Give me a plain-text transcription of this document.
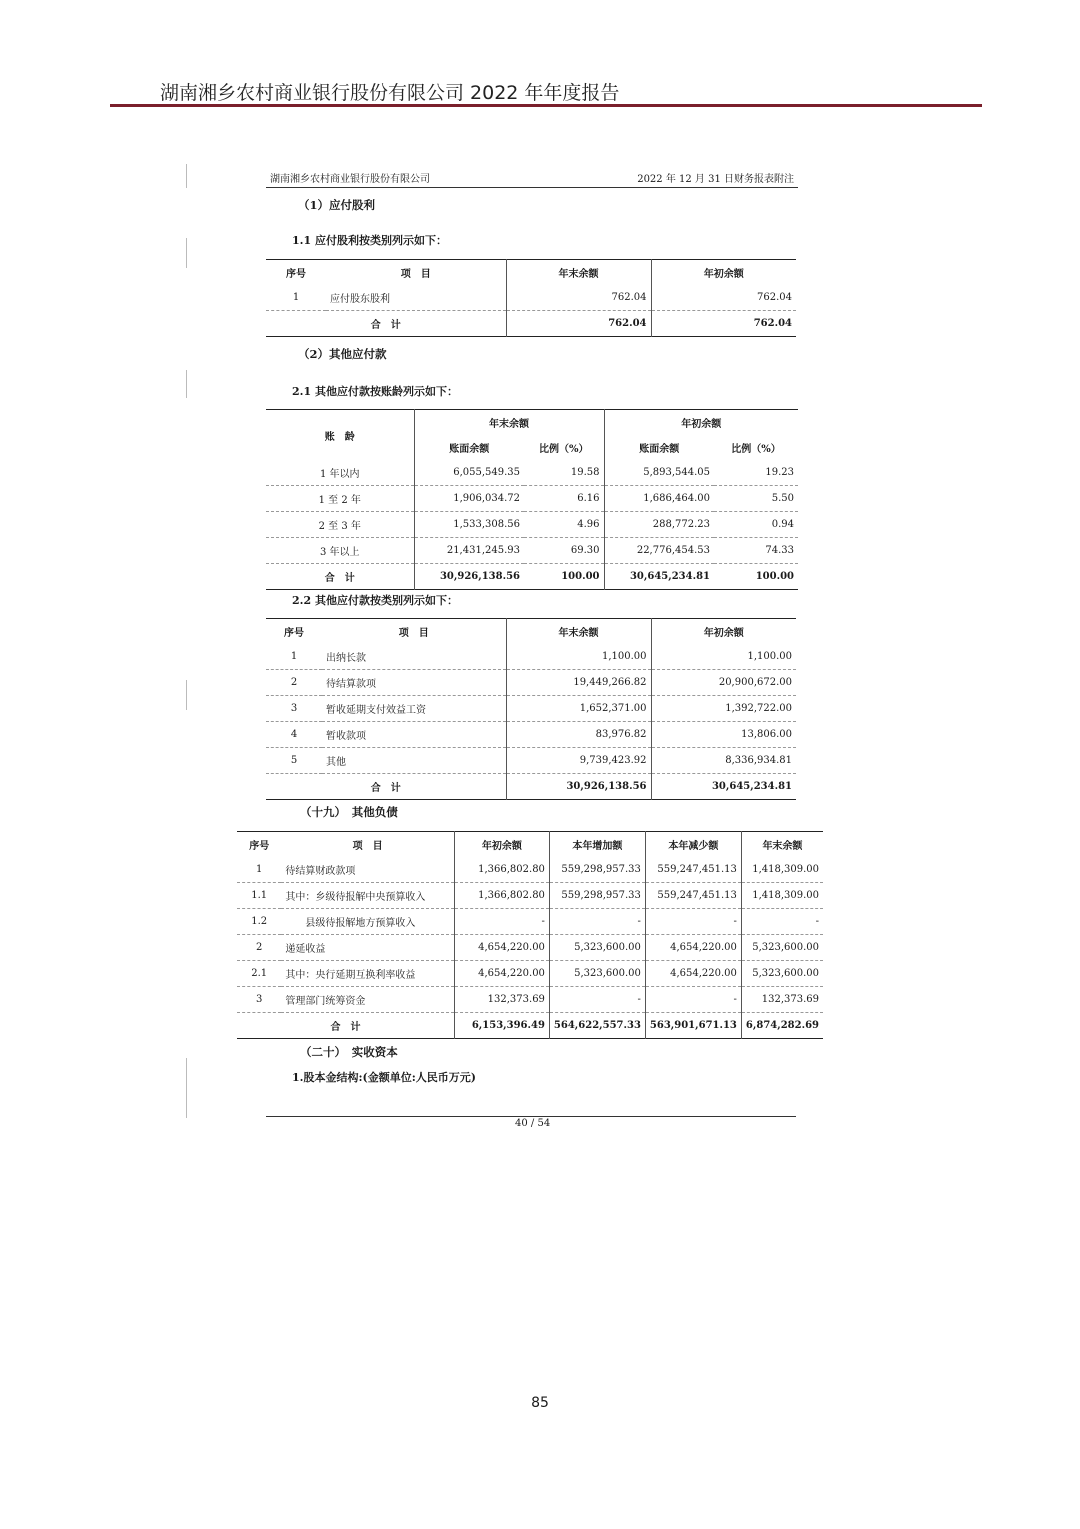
湖南湘乡农村商业银行股份有限公司 2022 年年度报告
湖南湘乡农村商业银行股份有限公司	2022 年 12 月 31 日财务报表附注
（1）应付股利
1.1 应付股利按类别列示如下：
序号	项　目	年末余额	年初余额
1	应付股东股利	762.04	762.04
合　计		762.04	762.04
（2）其他应付款
2.1 其他应付款按账龄列示如下：
账　龄	年末余额		年初余额	
	账面余额	比例（%）	账面余额	比例（%）
1 年以内	6,055,549.35	19.58	5,893,544.05	19.23
1 至 2 年	1,906,034.72	6.16	1,686,464.00	5.50
2 至 3 年	1,533,308.56	4.96	288,772.23	0.94
3 年以上	21,431,245.93	69.30	22,776,454.53	74.33
合　计	30,926,138.56	100.00	30,645,234.81	100.00
2.2 其他应付款按类别列示如下：
序号	项　目	年末余额	年初余额
1	出纳长款	1,100.00	1,100.00
2	待结算款项	19,449,266.82	20,900,672.00
3	暂收延期支付效益工资	1,652,371.00	1,392,722.00
4	暂收款项	83,976.82	13,806.00
5	其他	9,739,423.92	8,336,934.81
合　计		30,926,138.56	30,645,234.81
（十九）　其他负债
序号	项　目	年初余额	本年增加额	本年减少额	年末余额
1	待结算财政款项	1,366,802.80	559,298,957.33	559,247,451.13	1,418,309.00
1.1	其中：乡级待报解中央预算收入	1,366,802.80	559,298,957.33	559,247,451.13	1,418,309.00
1.2	　　县级待报解地方预算收入	-	-	-	-
2	递延收益	4,654,220.00	5,323,600.00	4,654,220.00	5,323,600.00
2.1	其中：央行延期互换利率收益	4,654,220.00	5,323,600.00	4,654,220.00	5,323,600.00
3	管理部门统筹资金	132,373.69	-	-	132,373.69
合　计		6,153,396.49	564,622,557.33	563,901,671.13	6,874,282.69
（二十）　实收资本
1.股本金结构:(金额单位:人民币万元)
40 / 54
85
